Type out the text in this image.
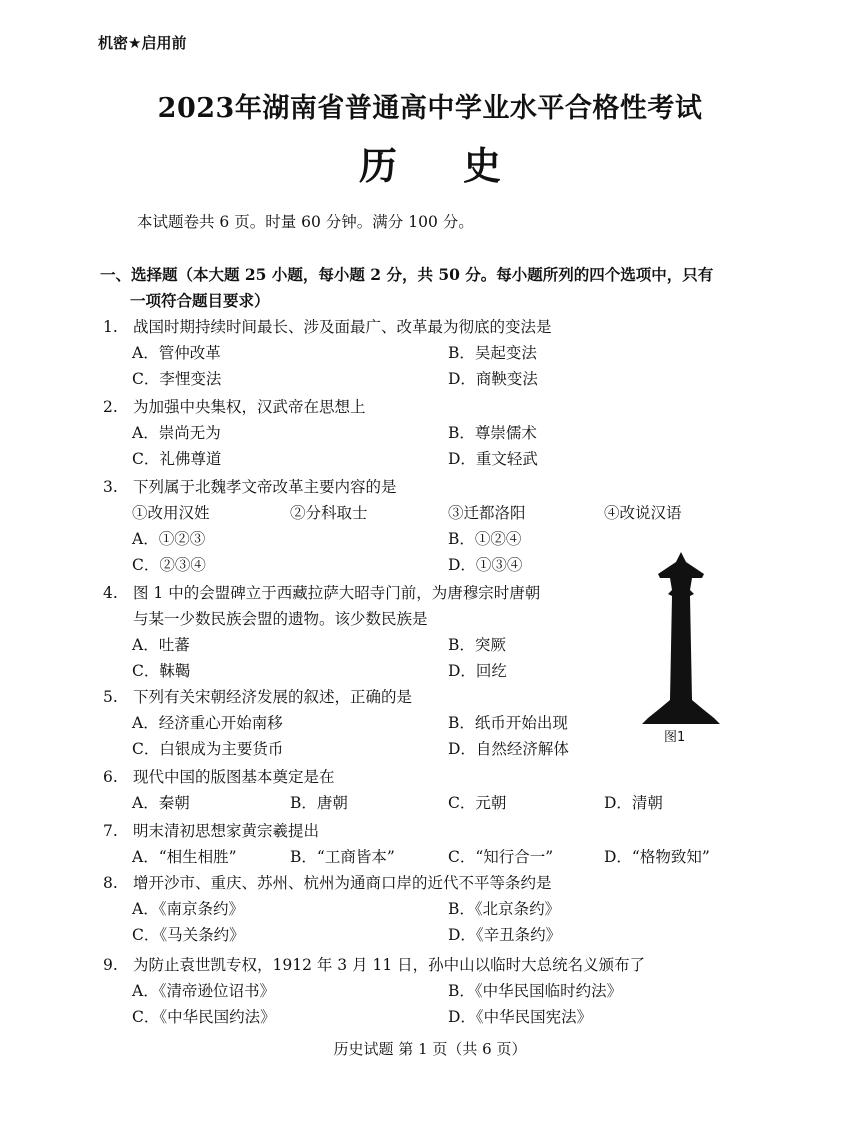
机密★启用前
2023年湖南省普通高中学业水平合格性考试
历 史
本试题卷共 6 页。时量 60 分钟。满分 100 分。
一、选择题（本大题 25 小题，每小题 2 分，共 50 分。每小题所列的四个选项中，只有
一项符合题目要求）
1. 战国时期持续时间最长、涉及面最广、改革最为彻底的变法是
A．管仲改革	B．吴起变法
C．李悝变法	D．商鞅变法
2. 为加强中央集权，汉武帝在思想上
A．崇尚无为	B．尊崇儒术
C．礼佛尊道	D．重文轻武
3. 下列属于北魏孝文帝改革主要内容的是
①改用汉姓	②分科取士	③迁都洛阳	④改说汉语
A．①②③	B．①②④
C．②③④	D．①③④
4. 图 1 中的会盟碑立于西藏拉萨大昭寺门前，为唐穆宗时唐朝
与某一少数民族会盟的遗物。该少数民族是
A．吐蕃	B．突厥
C．靺鞨	D．回纥
图1
5. 下列有关宋朝经济发展的叙述，正确的是
A．经济重心开始南移	B．纸币开始出现
C．白银成为主要货币	D．自然经济解体
6. 现代中国的版图基本奠定是在
A．秦朝	B．唐朝	C．元朝	D．清朝
7. 明末清初思想家黄宗羲提出
A．“相生相胜”	B．“工商皆本”	C．“知行合一”	D．“格物致知”
8. 增开沙市、重庆、苏州、杭州为通商口岸的近代不平等条约是
A．《南京条约》	B．《北京条约》
C．《马关条约》	D．《辛丑条约》
9. 为防止袁世凯专权，1912 年 3 月 11 日，孙中山以临时大总统名义颁布了
A．《清帝逊位诏书》	B．《中华民国临时约法》
C．《中华民国约法》	D．《中华民国宪法》
历史试题 第 1 页（共 6 页）
